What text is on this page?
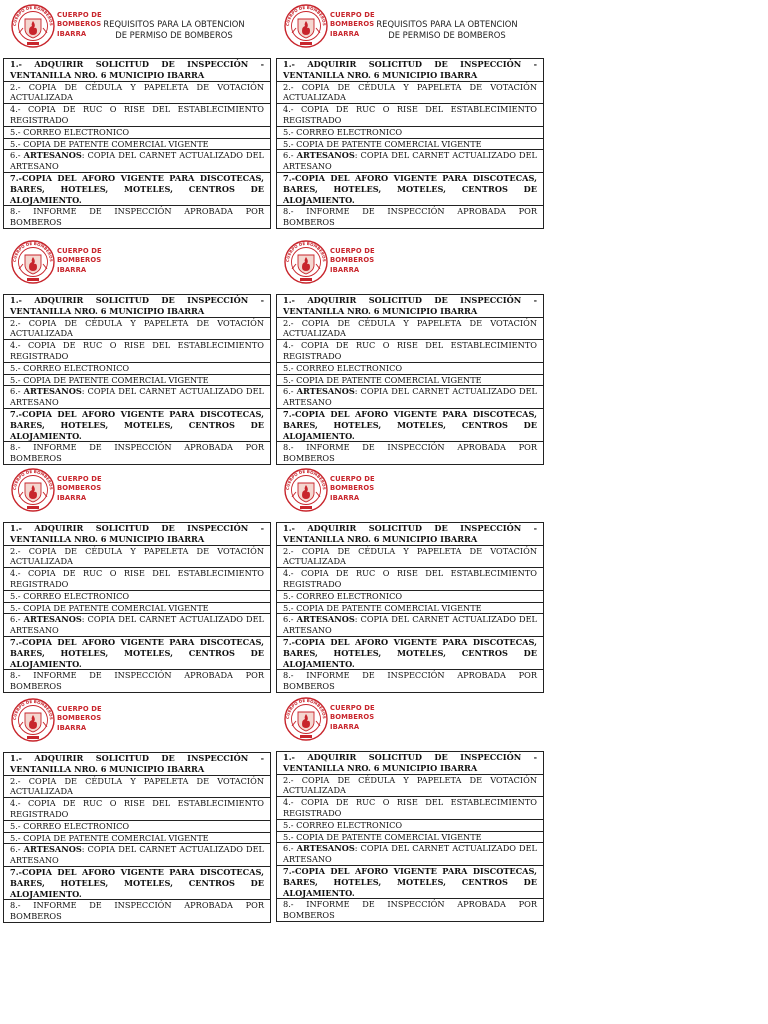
CUERPO DE
BOMBEROS
IBARRA
REQUISITOS PARA LA OBTENCION
DE PERMISO DE BOMBEROS
1.- ADQUIRIR SOLICITUD DE INSPECCIÓN - VENTANILLA NRO. 6 MUNICIPIO IBARRA
2.- COPIA DE CÉDULA Y PAPELETA DE VOTACIÓN ACTUALIZADA
4.- COPIA DE RUC O RISE DEL ESTABLECIMIENTO REGISTRADO
5.- CORREO ELECTRONICO
5.- COPIA DE PATENTE COMERCIAL VIGENTE
6.- ARTESANOS: COPIA DEL CARNET ACTUALIZADO DEL ARTESANO
7.-COPIA DEL AFORO VIGENTE PARA DISCOTECAS, BARES, HOTELES, MOTELES, CENTROS DE ALOJAMIENTO.
8.- INFORME DE INSPECCIÓN APROBADA POR BOMBEROS
CUERPO DE
BOMBEROS
IBARRA
REQUISITOS PARA LA OBTENCION
DE PERMISO DE BOMBEROS
1.- ADQUIRIR SOLICITUD DE INSPECCIÓN - VENTANILLA NRO. 6 MUNICIPIO IBARRA
2.- COPIA DE CÉDULA Y PAPELETA DE VOTACIÓN ACTUALIZADA
4.- COPIA DE RUC O RISE DEL ESTABLECIMIENTO REGISTRADO
5.- CORREO ELECTRONICO
5.- COPIA DE PATENTE COMERCIAL VIGENTE
6.- ARTESANOS: COPIA DEL CARNET ACTUALIZADO DEL ARTESANO
7.-COPIA DEL AFORO VIGENTE PARA DISCOTECAS, BARES, HOTELES, MOTELES, CENTROS DE ALOJAMIENTO.
8.- INFORME DE INSPECCIÓN APROBADA POR BOMBEROS
CUERPO DE
BOMBEROS
IBARRA
1.- ADQUIRIR SOLICITUD DE INSPECCIÓN - VENTANILLA NRO. 6 MUNICIPIO IBARRA
2.- COPIA DE CÉDULA Y PAPELETA DE VOTACIÓN ACTUALIZADA
4.- COPIA DE RUC O RISE DEL ESTABLECIMIENTO REGISTRADO
5.- CORREO ELECTRONICO
5.- COPIA DE PATENTE COMERCIAL VIGENTE
6.- ARTESANOS: COPIA DEL CARNET ACTUALIZADO DEL ARTESANO
7.-COPIA DEL AFORO VIGENTE PARA DISCOTECAS, BARES, HOTELES, MOTELES, CENTROS DE ALOJAMIENTO.
8.- INFORME DE INSPECCIÓN APROBADA POR BOMBEROS
CUERPO DE
BOMBEROS
IBARRA
1.- ADQUIRIR SOLICITUD DE INSPECCIÓN - VENTANILLA NRO. 6 MUNICIPIO IBARRA
2.- COPIA DE CÉDULA Y PAPELETA DE VOTACIÓN ACTUALIZADA
4.- COPIA DE RUC O RISE DEL ESTABLECIMIENTO REGISTRADO
5.- CORREO ELECTRONICO
5.- COPIA DE PATENTE COMERCIAL VIGENTE
6.- ARTESANOS: COPIA DEL CARNET ACTUALIZADO DEL ARTESANO
7.-COPIA DEL AFORO VIGENTE PARA DISCOTECAS, BARES, HOTELES, MOTELES, CENTROS DE ALOJAMIENTO.
8.- INFORME DE INSPECCIÓN APROBADA POR BOMBEROS
CUERPO DE
BOMBEROS
IBARRA
1.- ADQUIRIR SOLICITUD DE INSPECCIÓN - VENTANILLA NRO. 6 MUNICIPIO IBARRA
2.- COPIA DE CÉDULA Y PAPELETA DE VOTACIÓN ACTUALIZADA
4.- COPIA DE RUC O RISE DEL ESTABLECIMIENTO REGISTRADO
5.- CORREO ELECTRONICO
5.- COPIA DE PATENTE COMERCIAL VIGENTE
6.- ARTESANOS: COPIA DEL CARNET ACTUALIZADO DEL ARTESANO
7.-COPIA DEL AFORO VIGENTE PARA DISCOTECAS, BARES, HOTELES, MOTELES, CENTROS DE ALOJAMIENTO.
8.- INFORME DE INSPECCIÓN APROBADA POR BOMBEROS
CUERPO DE
BOMBEROS
IBARRA
1.- ADQUIRIR SOLICITUD DE INSPECCIÓN - VENTANILLA NRO. 6 MUNICIPIO IBARRA
2.- COPIA DE CÉDULA Y PAPELETA DE VOTACIÓN ACTUALIZADA
4.- COPIA DE RUC O RISE DEL ESTABLECIMIENTO REGISTRADO
5.- CORREO ELECTRONICO
5.- COPIA DE PATENTE COMERCIAL VIGENTE
6.- ARTESANOS: COPIA DEL CARNET ACTUALIZADO DEL ARTESANO
7.-COPIA DEL AFORO VIGENTE PARA DISCOTECAS, BARES, HOTELES, MOTELES, CENTROS DE ALOJAMIENTO.
8.- INFORME DE INSPECCIÓN APROBADA POR BOMBEROS
CUERPO DE
BOMBEROS
IBARRA
1.- ADQUIRIR SOLICITUD DE INSPECCIÓN - VENTANILLA NRO. 6 MUNICIPIO IBARRA
2.- COPIA DE CÉDULA Y PAPELETA DE VOTACIÓN ACTUALIZADA
4.- COPIA DE RUC O RISE DEL ESTABLECIMIENTO REGISTRADO
5.- CORREO ELECTRONICO
5.- COPIA DE PATENTE COMERCIAL VIGENTE
6.- ARTESANOS: COPIA DEL CARNET ACTUALIZADO DEL ARTESANO
7.-COPIA DEL AFORO VIGENTE PARA DISCOTECAS, BARES, HOTELES, MOTELES, CENTROS DE ALOJAMIENTO.
8.- INFORME DE INSPECCIÓN APROBADA POR BOMBEROS
CUERPO DE
BOMBEROS
IBARRA
1.- ADQUIRIR SOLICITUD DE INSPECCIÓN - VENTANILLA NRO. 6 MUNICIPIO IBARRA
2.- COPIA DE CÉDULA Y PAPELETA DE VOTACIÓN ACTUALIZADA
4.- COPIA DE RUC O RISE DEL ESTABLECIMIENTO REGISTRADO
5.- CORREO ELECTRONICO
5.- COPIA DE PATENTE COMERCIAL VIGENTE
6.- ARTESANOS: COPIA DEL CARNET ACTUALIZADO DEL ARTESANO
7.-COPIA DEL AFORO VIGENTE PARA DISCOTECAS, BARES, HOTELES, MOTELES, CENTROS DE ALOJAMIENTO.
8.- INFORME DE INSPECCIÓN APROBADA POR BOMBEROS
